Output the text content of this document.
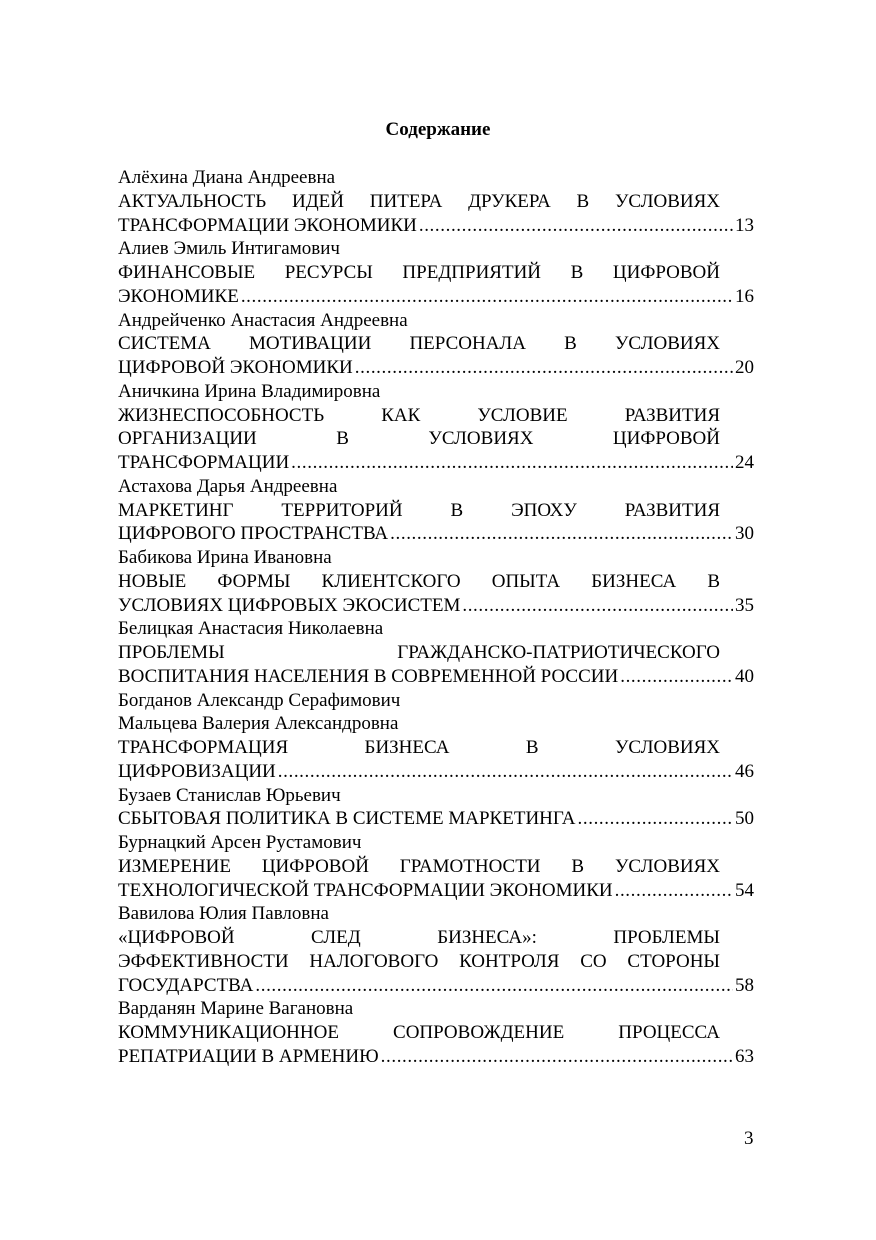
Содержание
Алёхина Диана Андреевна
АКТУАЛЬНОСТЬ ИДЕЙ ПИТЕРА ДРУКЕРА В УСЛОВИЯХ
ТРАНСФОРМАЦИИ ЭКОНОМИКИ .....	13
Алиев Эмиль Интигамович
ФИНАНСОВЫЕ РЕСУРСЫ ПРЕДПРИЯТИЙ В ЦИФРОВОЙ
ЭКОНОМИКЕ .....	16
Андрейченко Анастасия Андреевна
СИСТЕМА МОТИВАЦИИ ПЕРСОНАЛА В УСЛОВИЯХ
ЦИФРОВОЙ ЭКОНОМИКИ .....	20
Аничкина Ирина Владимировна
ЖИЗНЕСПОСОБНОСТЬ КАК УСЛОВИЕ РАЗВИТИЯ
ОРГАНИЗАЦИИ В УСЛОВИЯХ ЦИФРОВОЙ
ТРАНСФОРМАЦИИ .....	24
Астахова Дарья Андреевна
МАРКЕТИНГ ТЕРРИТОРИЙ В ЭПОХУ РАЗВИТИЯ
ЦИФРОВОГО ПРОСТРАНСТВА .....	30
Бабикова Ирина Ивановна
НОВЫЕ ФОРМЫ КЛИЕНТСКОГО ОПЫТА БИЗНЕСА В
УСЛОВИЯХ ЦИФРОВЫХ ЭКОСИСТЕМ .....	35
Белицкая Анастасия Николаевна
ПРОБЛЕМЫ ГРАЖДАНСКО-ПАТРИОТИЧЕСКОГО
ВОСПИТАНИЯ НАСЕЛЕНИЯ В СОВРЕМЕННОЙ РОССИИ .....	40
Богданов Александр Серафимович
Мальцева Валерия Александровна
ТРАНСФОРМАЦИЯ БИЗНЕСА В УСЛОВИЯХ
ЦИФРОВИЗАЦИИ .....	46
Бузаев Станислав Юрьевич
СБЫТОВАЯ ПОЛИТИКА В СИСТЕМЕ МАРКЕТИНГА .....	50
Бурнацкий Арсен Рустамович
ИЗМЕРЕНИЕ ЦИФРОВОЙ ГРАМОТНОСТИ В УСЛОВИЯХ
ТЕХНОЛОГИЧЕСКОЙ ТРАНСФОРМАЦИИ ЭКОНОМИКИ .....	54
Вавилова Юлия Павловна
«ЦИФРОВОЙ СЛЕД БИЗНЕСА»: ПРОБЛЕМЫ
ЭФФЕКТИВНОСТИ НАЛОГОВОГО КОНТРОЛЯ СО СТОРОНЫ
ГОСУДАРСТВА .....	58
Варданян Марине Вагановна
КОММУНИКАЦИОННОЕ СОПРОВОЖДЕНИЕ ПРОЦЕССА
РЕПАТРИАЦИИ В АРМЕНИЮ .....	63
3
